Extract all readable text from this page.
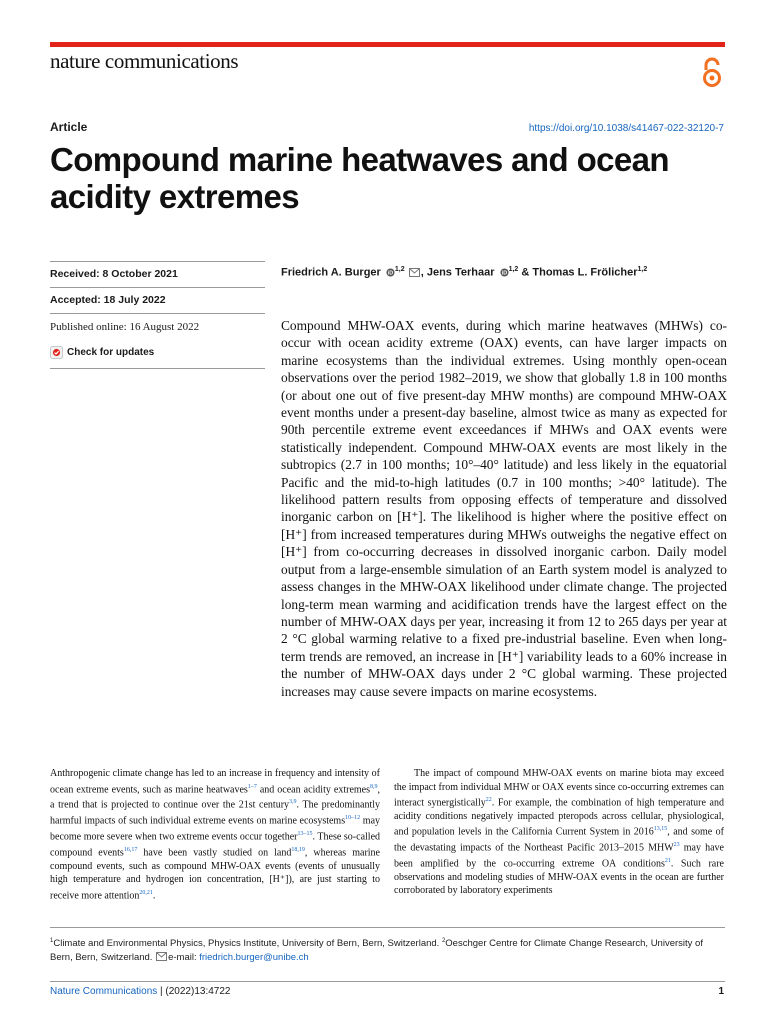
nature communications
Article	https://doi.org/10.1038/s41467-022-32120-7
Compound marine heatwaves and ocean acidity extremes
Received: 8 October 2021
Accepted: 18 July 2022
Published online: 16 August 2022
Check for updates
Friedrich A. Burger iD
$^{1,2}$ , Jens Terhaar iD
$^{1,2}$ & Thomas L. Frölicher$^{1,2}$

Compound MHW-OAX events, during which marine heatwaves (MHWs) co-occur with ocean acidity extreme (OAX) events, can have larger impacts on marine ecosystems than the individual extremes. Using monthly open-ocean observations over the period 1982–2019, we show that globally 1.8 in 100 months (or about one out of five present-day MHW months) are compound MHW-OAX event months under a present-day baseline, almost twice as many as expected for 90th percentile extreme event exceedances if MHWs and OAX events were statistically independent. Compound MHW-OAX events are most likely in the subtropics (2.7 in 100 months; 10°–40° latitude) and less likely in the equatorial Pacific and the mid-to-high latitudes (0.7 in 100 months; >40° latitude). The likelihood pattern results from opposing effects of temperature and dissolved inorganic carbon on [H⁺]. The likelihood is higher where the positive effect on [H⁺] from increased temperatures during MHWs outweighs the negative effect on [H⁺] from co-occurring decreases in dissolved inorganic carbon. Daily model output from a large-ensemble simulation of an Earth system model is analyzed to assess changes in the MHW-OAX likelihood under climate change. The projected long-term mean warming and acidification trends have the largest effect on the number of MHW-OAX days per year, increasing it from 12 to 265 days per year at 2 °C global warming relative to a fixed pre-industrial baseline. Even when long-term trends are removed, an increase in [H⁺] variability leads to a 60% increase in the number of MHW-OAX days under 2 °C global warming. These projected increases may cause severe impacts on marine ecosystems.

Anthropogenic climate change has led to an increase in frequency and intensity of ocean extreme events, such as marine heatwaves$^{1-7}$ and ocean acidity extremes$^{8,9}$, a trend that is projected to continue over the 21st century$^{3,9}$. The predominantly harmful impacts of such individual extreme events on marine ecosystems$^{10-12}$ may become more severe when two extreme events occur together$^{13-15}$. These so-called compound events$^{16,17}$ have been vastly studied on land$^{18,19}$, whereas marine compound events, such as compound MHW-OAX events (events of unusually high temperature and hydrogen ion concentration, [H⁺]), are just starting to receive more attention$^{20,21}$.

The impact of compound MHW-OAX events on marine biota may exceed the impact from individual MHW or OAX events since co-occurring extremes can interact synergistically$^{22}$. For example, the combination of high temperature and acidity conditions negatively impacted pteropods across cellular, physiological, and population levels in the California Current System in 2016$^{13,15}$, and some of the devastating impacts of the Northeast Pacific 2013–2015 MHW$^{23}$ may have been amplified by the co-occurring extreme OA conditions$^{21}$. Such rare observations and modeling studies of MHW-OAX events in the ocean are further corroborated by laboratory experiments

$^1$Climate and Environmental Physics, Physics Institute, University of Bern, Bern, Switzerland. $^2$Oeschger Centre for Climate Change Research, University of Bern, Bern, Switzerland. e-mail: friedrich.burger@unibe.ch

Nature Communications | (2022)13:4722	1
